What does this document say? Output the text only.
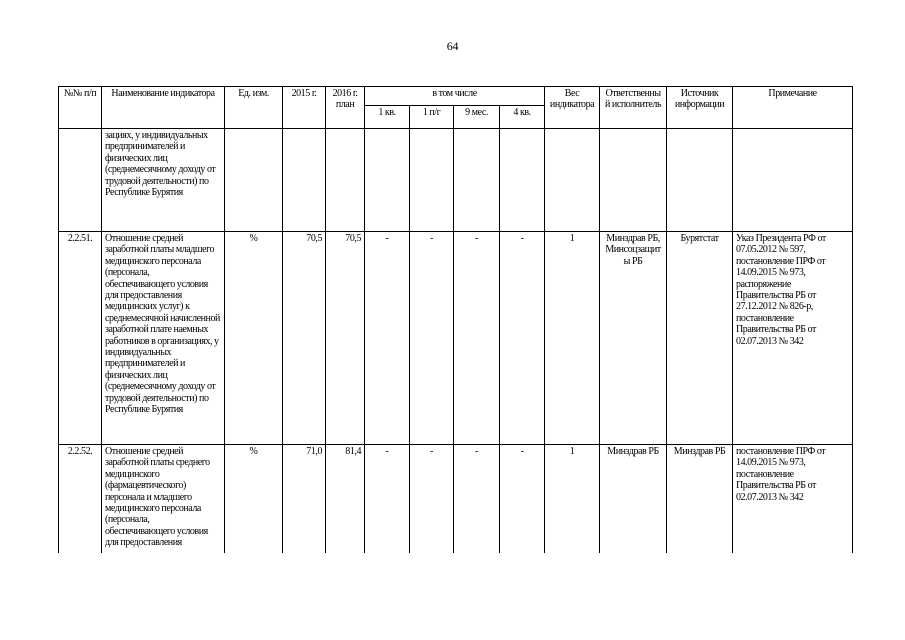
64
№№ п/п	Наименование индикатора	Ед. изм.	2015 г.	2016 г. план	в том числе				Вес индикатора	Ответственный исполнитель	Источник информации	Примечание
					1 кв.	1 п/г	9 мес.	4 кв.				
	зациях, у индивидуальных предпринимателей и физических лиц (среднемесячному доходу от трудовой деятельности) по Республике Бурятия											
2.2.51.	Отношение средней заработной платы младшего медицинского персонала (персонала, обеспечивающего условия для предоставления медицинских услуг) к среднемесячной начисленной заработной плате наемных работников в организациях, у индивидуальных предпринимателей и физических лиц (среднемесячному доходу от трудовой деятельности) по Республике Бурятия	%	70,5	70,5	-	-	-	-	1	Минздрав РБ, Минсоцзащиты РБ	Бурятстат	Указ Президента РФ от 07.05.2012 № 597, постановление ПРФ от 14.09.2015 № 973, распоряжение Правительства РБ от 27.12.2012 № 826-р, постановление Правительства РБ от 02.07.2013 № 342
2.2.52.	Отношение средней заработной платы среднего медицинского (фармацевтического) персонала и младшего медицинского персонала (персонала, обеспечивающего условия для предоставления	%	71,0	81,4	-	-	-	-	1	Минздрав РБ	Минздрав РБ	постановление ПРФ от 14.09.2015 № 973, постановление Правительства РБ от 02.07.2013 № 342
